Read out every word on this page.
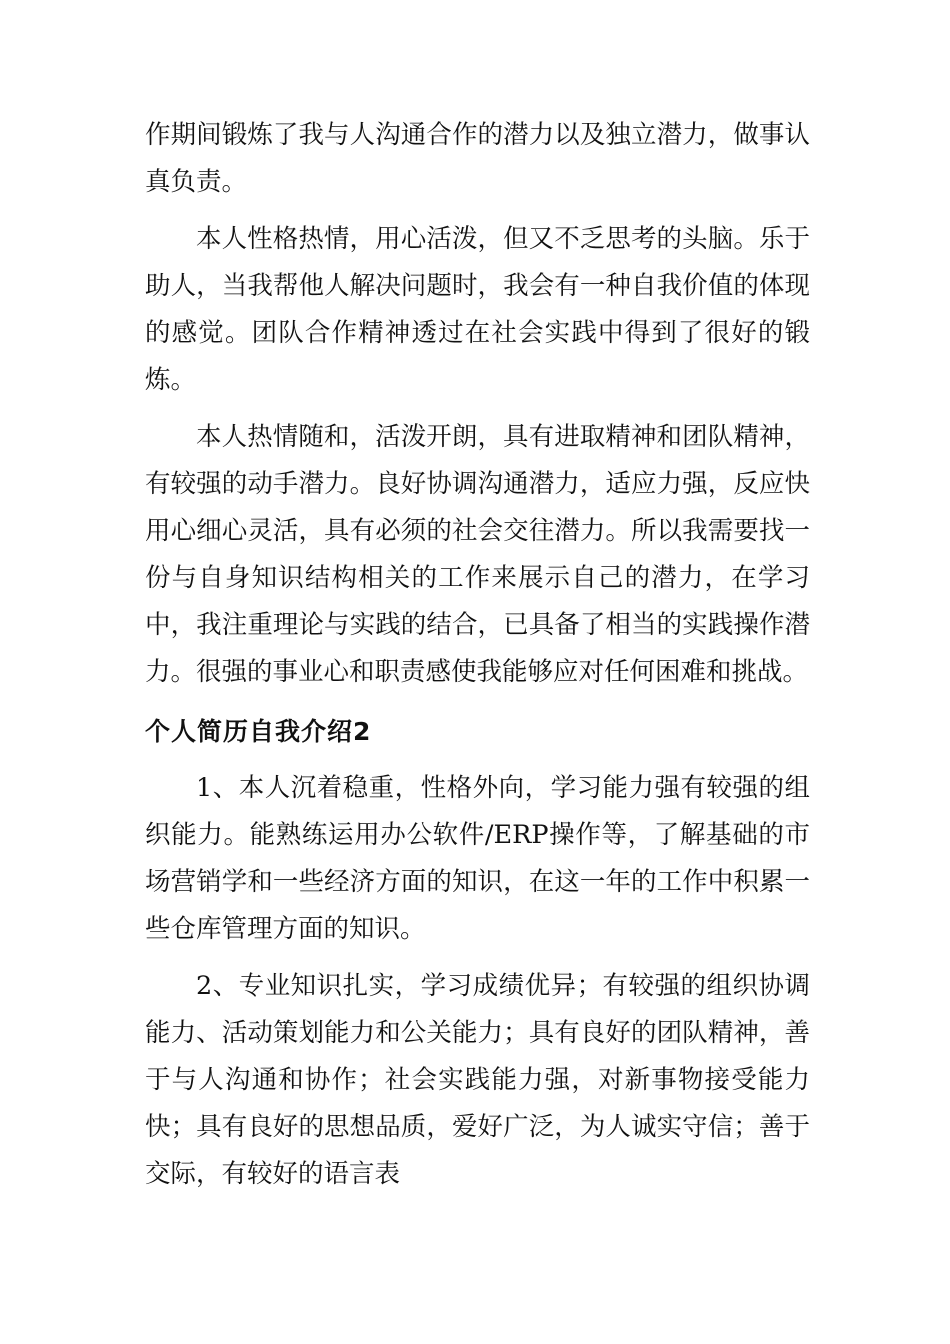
作期间锻炼了我与人沟通合作的潜力以及独立潜力，做事认真负责。

本人性格热情，用心活泼，但又不乏思考的头脑。乐于助人，当我帮他人解决问题时，我会有一种自我价值的体现的感觉。团队合作精神透过在社会实践中得到了很好的锻炼。

本人热情随和，活泼开朗，具有进取精神和团队精神，有较强的动手潜力。良好协调沟通潜力，适应力强，反应快用心细心灵活，具有必须的社会交往潜力。所以我需要找一份与自身知识结构相关的工作来展示自己的潜力，在学习中，我注重理论与实践的结合，已具备了相当的实践操作潜力。很强的事业心和职责感使我能够应对任何困难和挑战。

个人简历自我介绍2

1、本人沉着稳重，性格外向，学习能力强有较强的组织能力。能熟练运用办公软件/ERP操作等，了解基础的市场营销学和一些经济方面的知识，在这一年的工作中积累一些仓库管理方面的知识。

2、专业知识扎实，学习成绩优异；有较强的组织协调能力、活动策划能力和公关能力；具有良好的团队精神，善于与人沟通和协作；社会实践能力强，对新事物接受能力快；具有良好的思想品质，爱好广泛，为人诚实守信；善于交际，有较好的语言表
